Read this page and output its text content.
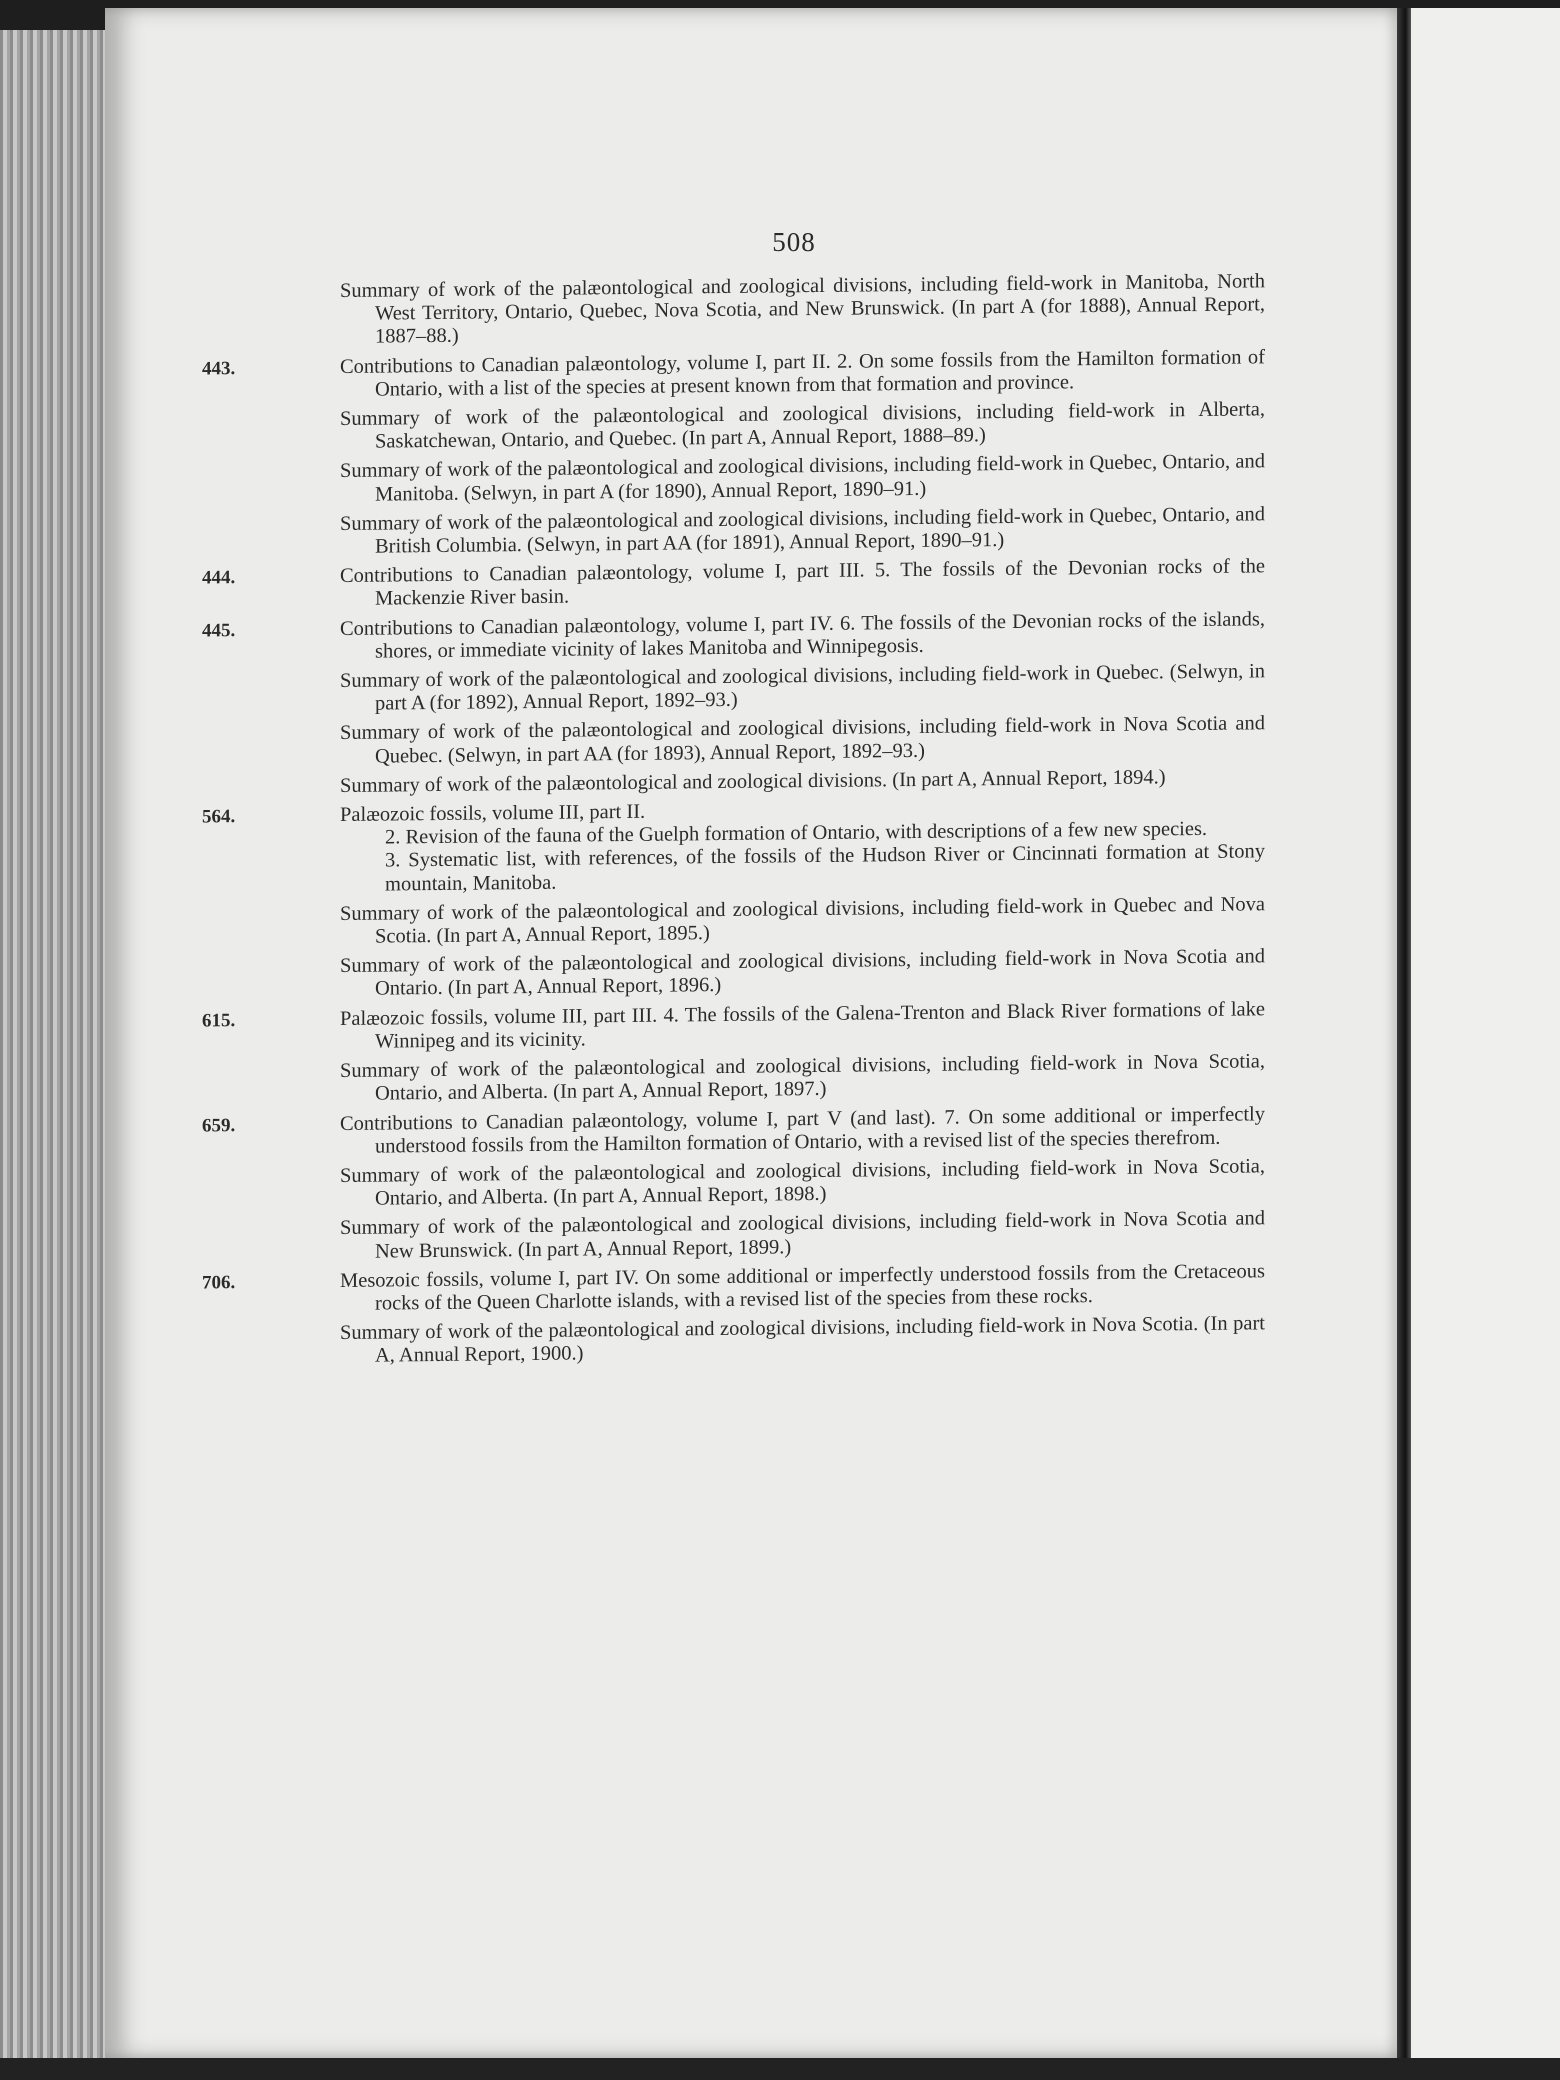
508

Summary of work of the palæontological and zoological divisions, including field-work in Manitoba, North West Territory, Ontario, Quebec, Nova Scotia, and New Brunswick. (In part A (for 1888), Annual Report, 1887–88.)

443.	Contributions to Canadian palæontology, volume I, part II. 2. On some fossils from the Hamilton formation of Ontario, with a list of the species at present known from that formation and province.

Summary of work of the palæontological and zoological divisions, including field-work in Alberta, Saskatchewan, Ontario, and Quebec. (In part A, Annual Report, 1888–89.)

Summary of work of the palæontological and zoological divisions, including field-work in Quebec, Ontario, and Manitoba. (Selwyn, in part A (for 1890), Annual Report, 1890–91.)

Summary of work of the palæontological and zoological divisions, including field-work in Quebec, Ontario, and British Columbia. (Selwyn, in part AA (for 1891), Annual Report, 1890–91.)

444.	Contributions to Canadian palæontology, volume I, part III. 5. The fossils of the Devonian rocks of the Mackenzie River basin.

445.	Contributions to Canadian palæontology, volume I, part IV. 6. The fossils of the Devonian rocks of the islands, shores, or immediate vicinity of lakes Manitoba and Winnipegosis.

Summary of work of the palæontological and zoological divisions, including field-work in Quebec. (Selwyn, in part A (for 1892), Annual Report, 1892–93.)

Summary of work of the palæontological and zoological divisions, including field-work in Nova Scotia and Quebec. (Selwyn, in part AA (for 1893), Annual Report, 1892–93.)

Summary of work of the palæontological and zoological divisions. (In part A, Annual Report, 1894.)

564.	Palæozoic fossils, volume III, part II.
2. Revision of the fauna of the Guelph formation of Ontario, with descriptions of a few new species.
3. Systematic list, with references, of the fossils of the Hudson River or Cincinnati formation at Stony mountain, Manitoba.

Summary of work of the palæontological and zoological divisions, including field-work in Quebec and Nova Scotia. (In part A, Annual Report, 1895.)

Summary of work of the palæontological and zoological divisions, including field-work in Nova Scotia and Ontario. (In part A, Annual Report, 1896.)

615.	Palæozoic fossils, volume III, part III. 4. The fossils of the Galena-Trenton and Black River formations of lake Winnipeg and its vicinity.

Summary of work of the palæontological and zoological divisions, including field-work in Nova Scotia, Ontario, and Alberta. (In part A, Annual Report, 1897.)

659.	Contributions to Canadian palæontology, volume I, part V (and last). 7. On some additional or imperfectly understood fossils from the Hamilton formation of Ontario, with a revised list of the species therefrom.

Summary of work of the palæontological and zoological divisions, including field-work in Nova Scotia, Ontario, and Alberta. (In part A, Annual Report, 1898.)

Summary of work of the palæontological and zoological divisions, including field-work in Nova Scotia and New Brunswick. (In part A, Annual Report, 1899.)

706.	Mesozoic fossils, volume I, part IV. On some additional or imperfectly understood fossils from the Cretaceous rocks of the Queen Charlotte islands, with a revised list of the species from these rocks.

Summary of work of the palæontological and zoological divisions, including field-work in Nova Scotia. (In part A, Annual Report, 1900.)
